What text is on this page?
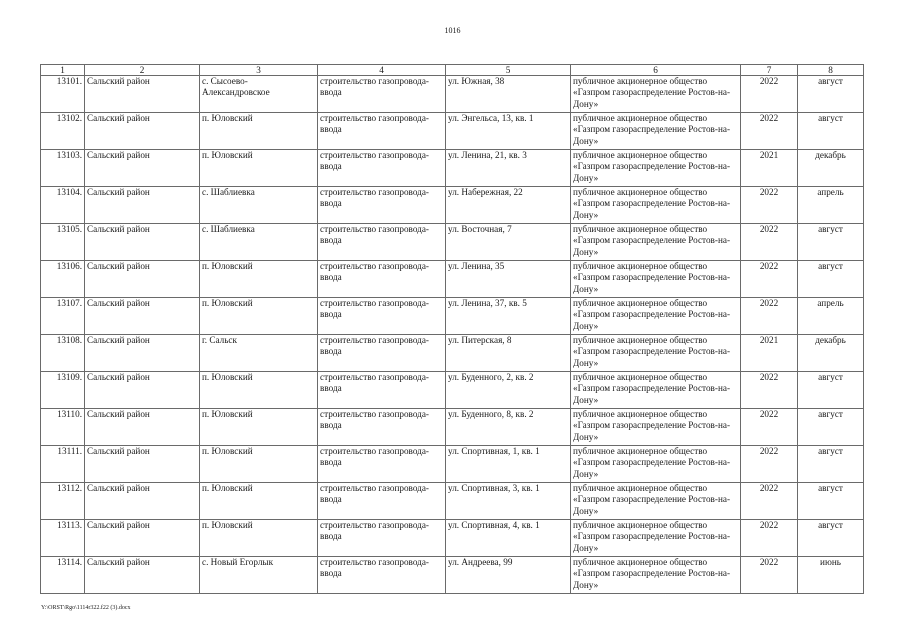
1016
1	2	3	4	5	6	7	8
13101.	Сальский район	с. Сысоево-Александровское	строительство газопровода-ввода	ул. Южная, 38	публичное акционерное общество «Газпром газораспределение Ростов-на-Дону»	2022	август
13102.	Сальский район	п. Юловский	строительство газопровода-ввода	ул. Энгельса, 13, кв. 1	публичное акционерное общество «Газпром газораспределение Ростов-на-Дону»	2022	август
13103.	Сальский район	п. Юловский	строительство газопровода-ввода	ул. Ленина, 21, кв. 3	публичное акционерное общество «Газпром газораспределение Ростов-на-Дону»	2021	декабрь
13104.	Сальский район	с. Шаблиевка	строительство газопровода-ввода	ул. Набережная, 22	публичное акционерное общество «Газпром газораспределение Ростов-на-Дону»	2022	апрель
13105.	Сальский район	с. Шаблиевка	строительство газопровода-ввода	ул. Восточная, 7	публичное акционерное общество «Газпром газораспределение Ростов-на-Дону»	2022	август
13106.	Сальский район	п. Юловский	строительство газопровода-ввода	ул. Ленина, 35	публичное акционерное общество «Газпром газораспределение Ростов-на-Дону»	2022	август
13107.	Сальский район	п. Юловский	строительство газопровода-ввода	ул. Ленина, 37, кв. 5	публичное акционерное общество «Газпром газораспределение Ростов-на-Дону»	2022	апрель
13108.	Сальский район	г. Сальск	строительство газопровода-ввода	ул. Питерская, 8	публичное акционерное общество «Газпром газораспределение Ростов-на-Дону»	2021	декабрь
13109.	Сальский район	п. Юловский	строительство газопровода-ввода	ул. Буденного, 2, кв. 2	публичное акционерное общество «Газпром газораспределение Ростов-на-Дону»	2022	август
13110.	Сальский район	п. Юловский	строительство газопровода-ввода	ул. Буденного, 8, кв. 2	публичное акционерное общество «Газпром газораспределение Ростов-на-Дону»	2022	август
13111.	Сальский район	п. Юловский	строительство газопровода-ввода	ул. Спортивная, 1, кв. 1	публичное акционерное общество «Газпром газораспределение Ростов-на-Дону»	2022	август
13112.	Сальский район	п. Юловский	строительство газопровода-ввода	ул. Спортивная, 3, кв. 1	публичное акционерное общество «Газпром газораспределение Ростов-на-Дону»	2022	август
13113.	Сальский район	п. Юловский	строительство газопровода-ввода	ул. Спортивная, 4, кв. 1	публичное акционерное общество «Газпром газораспределение Ростов-на-Дону»	2022	август
13114.	Сальский район	с. Новый Егорлык	строительство газопровода-ввода	ул. Андреева, 99	публичное акционерное общество «Газпром газораспределение Ростов-на-Дону»	2022	июнь
Y:\ORST\Rgo\1114r322.f22 (3).docx
